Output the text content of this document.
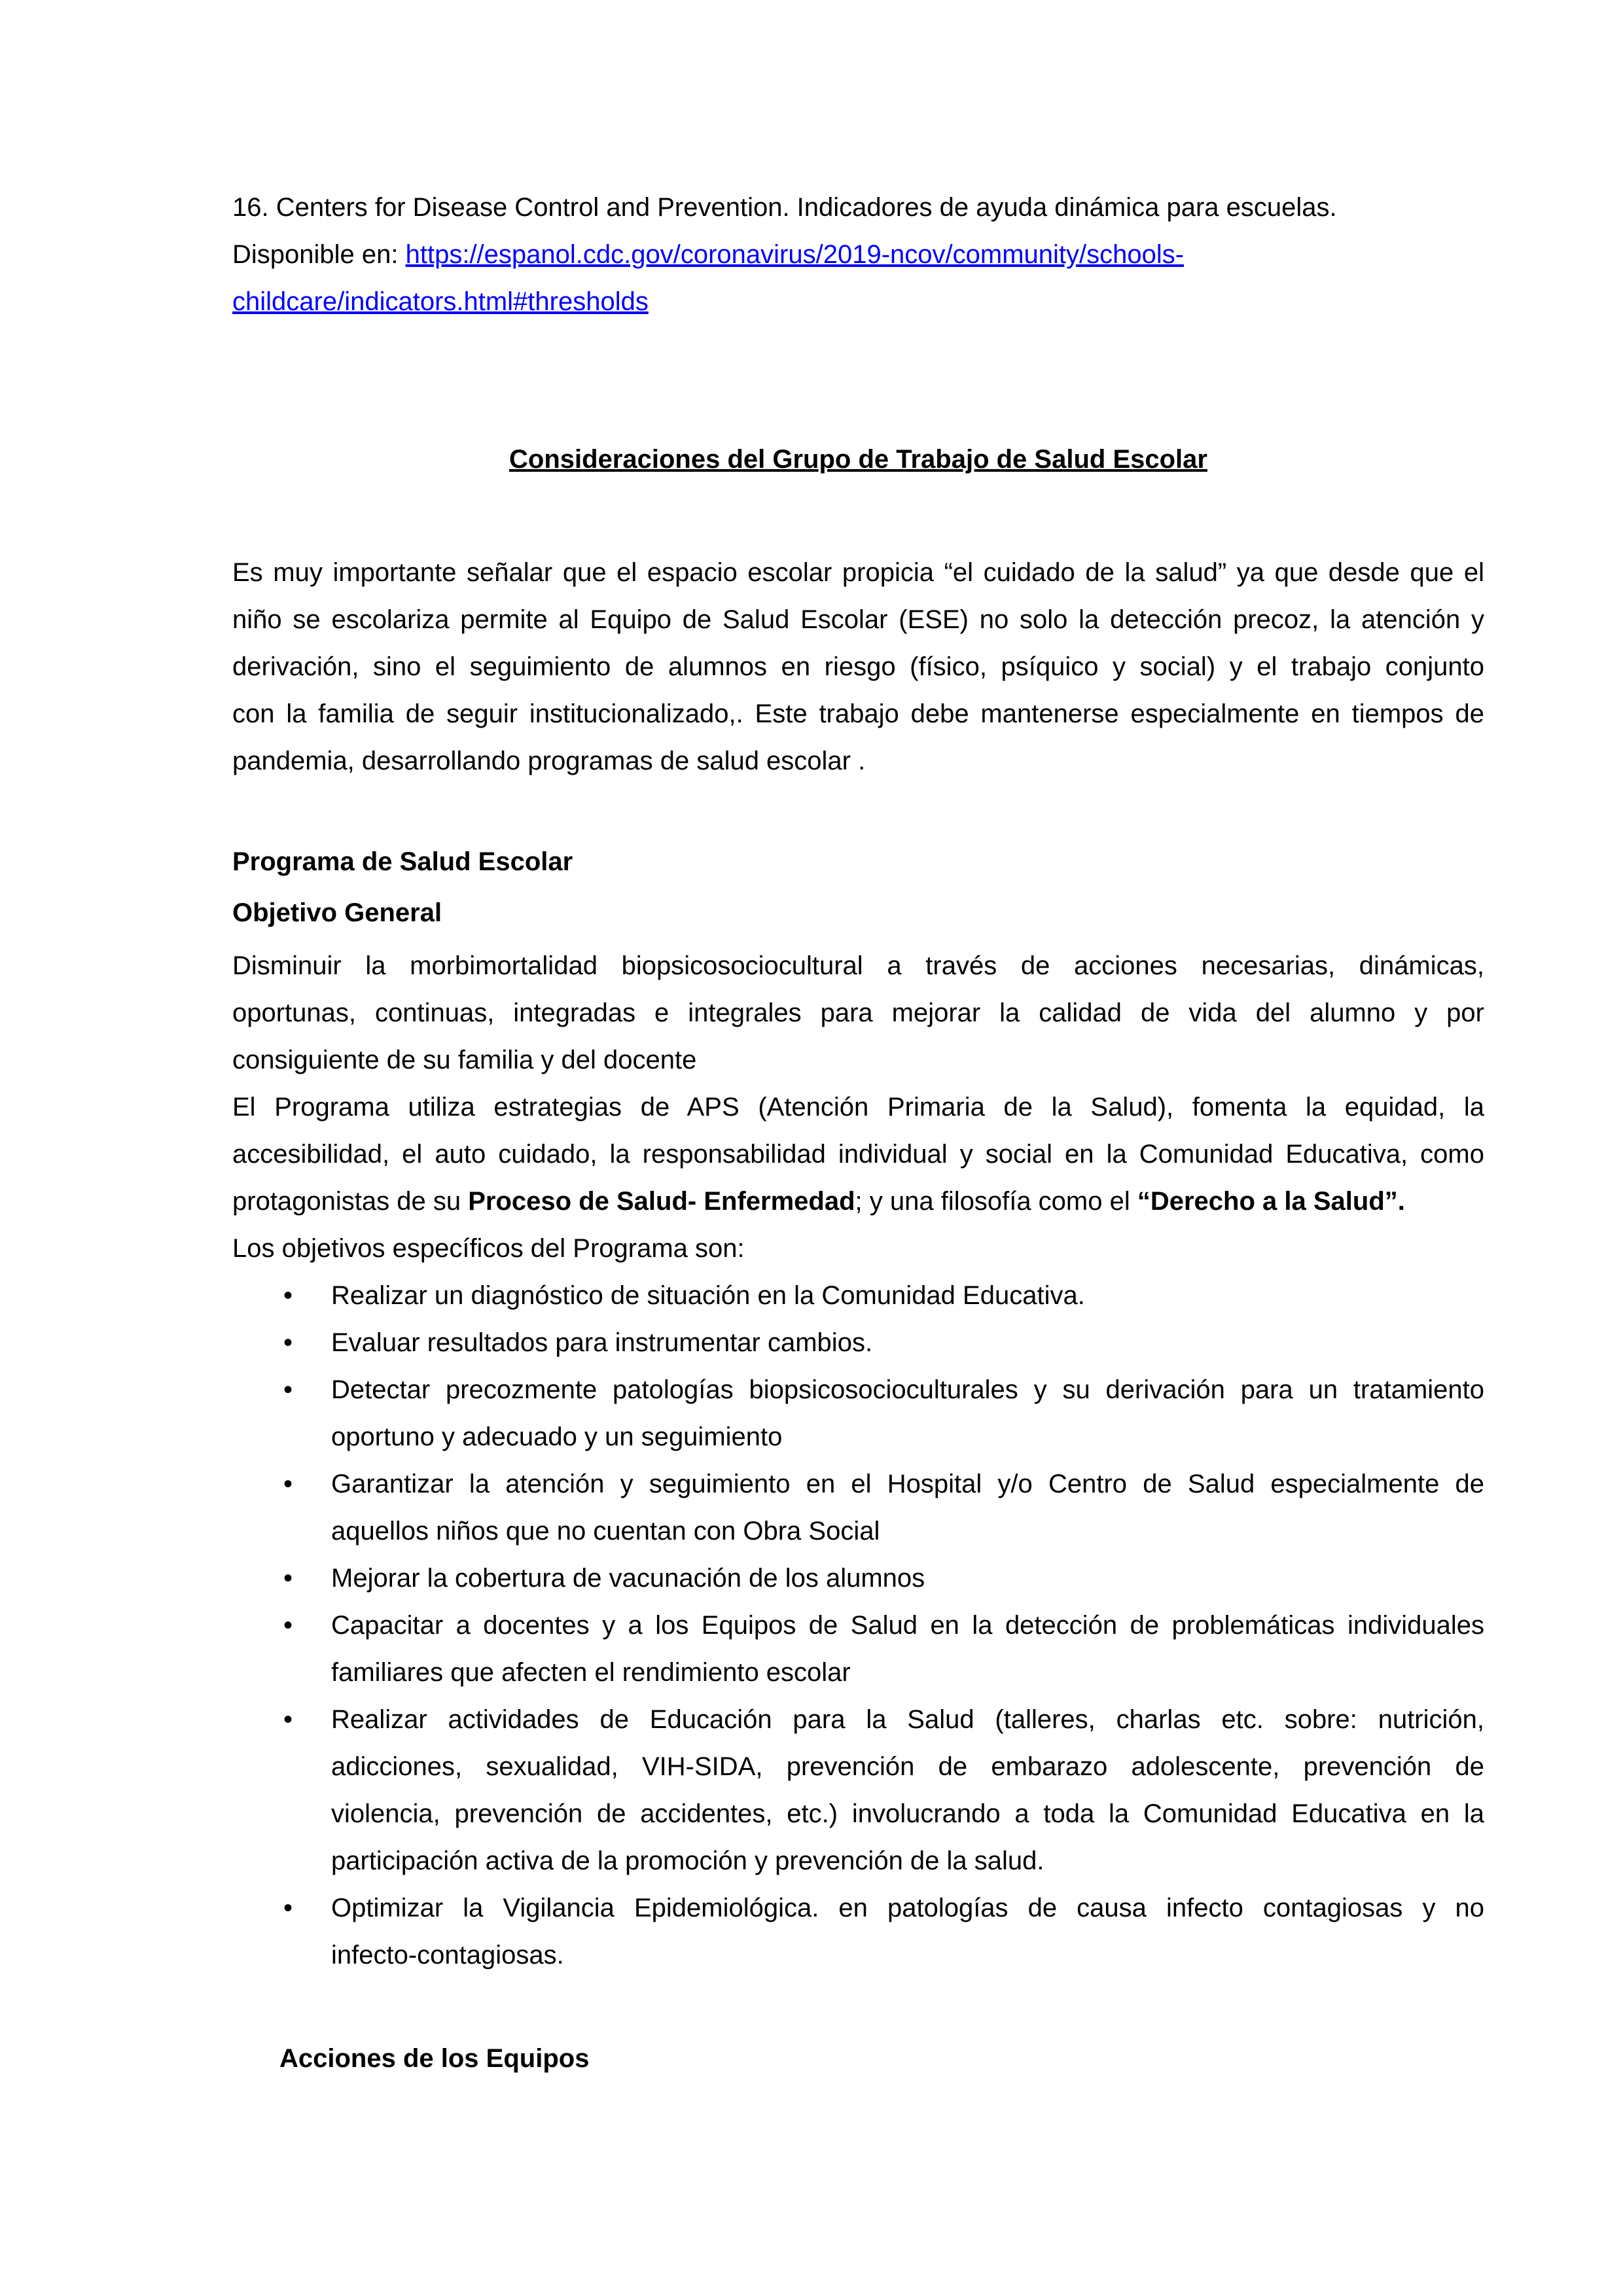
16. Centers for Disease Control and Prevention. Indicadores de ayuda dinámica para escuelas.
Disponible en: https://espanol.cdc.gov/coronavirus/2019-ncov/community/schools-
childcare/indicators.html#thresholds
Consideraciones del Grupo de Trabajo de Salud Escolar
Es muy importante señalar que el espacio escolar propicia “el cuidado de la salud” ya que desde que el
niño se escolariza permite al Equipo de Salud Escolar (ESE) no solo la detección precoz, la atención y
derivación, sino el seguimiento de alumnos en riesgo (físico, psíquico y social) y el trabajo conjunto
con la familia de seguir institucionalizado,. Este trabajo debe mantenerse especialmente en tiempos de
pandemia, desarrollando programas de salud escolar .
Programa de Salud Escolar
Objetivo General
Disminuir la morbimortalidad biopsicosociocultural a través de acciones necesarias, dinámicas,
oportunas, continuas, integradas e integrales para mejorar la calidad de vida del alumno y por
consiguiente de su familia y del docente
El Programa utiliza estrategias de APS (Atención Primaria de la Salud), fomenta la equidad, la
accesibilidad, el auto cuidado, la responsabilidad individual y social en la Comunidad Educativa, como
protagonistas de su Proceso de Salud- Enfermedad; y una filosofía como el “Derecho a la Salud”.
Los objetivos específicos del Programa son:
• Realizar un diagnóstico de situación en la Comunidad Educativa.
• Evaluar resultados para instrumentar cambios.
• Detectar precozmente patologías biopsicosocioculturales y su derivación para un tratamiento
oportuno y adecuado y un seguimiento
• Garantizar la atención y seguimiento en el Hospital y/o Centro de Salud especialmente de
aquellos niños que no cuentan con Obra Social
• Mejorar la cobertura de vacunación de los alumnos
• Capacitar a docentes y a los Equipos de Salud en la detección de problemáticas individuales
familiares que afecten el rendimiento escolar
• Realizar actividades de Educación para la Salud (talleres, charlas etc. sobre: nutrición,
adicciones, sexualidad, VIH-SIDA, prevención de embarazo adolescente, prevención de
violencia, prevención de accidentes, etc.) involucrando a toda la Comunidad Educativa en la
participación activa de la promoción y prevención de la salud.
• Optimizar la Vigilancia Epidemiológica. en patologías de causa infecto contagiosas y no
infecto-contagiosas.
Acciones de los Equipos
